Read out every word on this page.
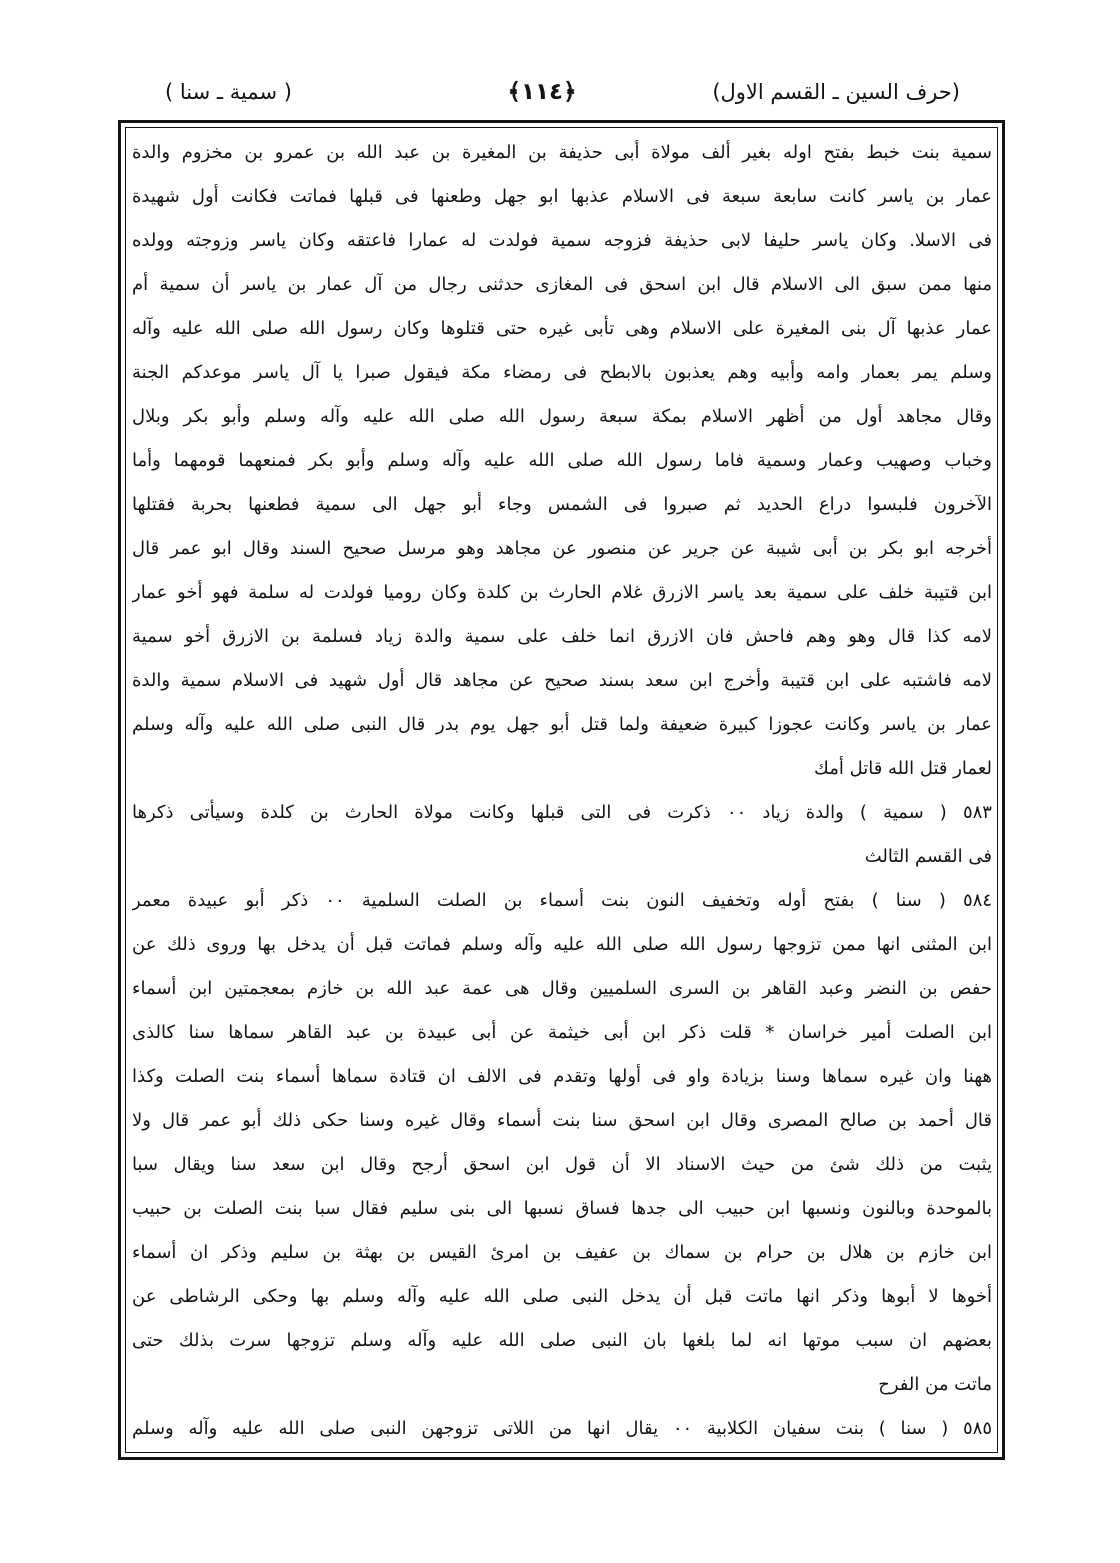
(حرف السين ـ القسم الاول)
﴿١١٤﴾
( سمية ـ سنا )
سمية بنت خبط بفتح اوله بغير ألف مولاة أبى حذيفة بن المغيرة بن عبد الله بن عمرو بن مخزوم والدة
عمار بن ياسر كانت سابعة سبعة فى الاسلام عذبها ابو جهل وطعنها فى قبلها فماتت فكانت أول شهيدة
فى الاسلا. وكان ياسر حليفا لابى حذيفة فزوجه سمية فولدت له عمارا فاعتقه وكان ياسر وزوجته وولده
منها ممن سبق الى الاسلام قال ابن اسحق فى المغازى حدثنى رجال من آل عمار بن ياسر أن سمية أم
عمار عذبها آل بنى المغيرة على الاسلام وهى تأبى غيره حتى قتلوها وكان رسول الله صلى الله عليه وآله
وسلم يمر بعمار وامه وأبيه وهم يعذبون بالابطح فى رمضاء مكة فيقول صبرا يا آل ياسر موعدكم الجنة
وقال مجاهد أول من أظهر الاسلام بمكة سبعة رسول الله صلى الله عليه وآله وسلم وأبو بكر وبلال
وخباب وصهيب وعمار وسمية فاما رسول الله صلى الله عليه وآله وسلم وأبو بكر فمنعهما قومهما وأما
الآخرون فلبسوا دراع الحديد ثم صبروا فى الشمس وجاء أبو جهل الى سمية فطعنها بحربة فقتلها
أخرجه ابو بكر بن أبى شيبة عن جرير عن منصور عن مجاهد وهو مرسل صحيح السند وقال ابو عمر قال
ابن قتيبة خلف على سمية بعد ياسر الازرق غلام الحارث بن كلدة وكان روميا فولدت له سلمة فهو أخو عمار
لامه كذا قال وهو وهم فاحش فان الازرق انما خلف على سمية والدة زياد فسلمة بن الازرق أخو سمية
لامه فاشتبه على ابن قتيبة وأخرج ابن سعد بسند صحيح عن مجاهد قال أول شهيد فى الاسلام سمية والدة
عمار بن ياسر وكانت عجوزا كبيرة ضعيفة ولما قتل أبو جهل يوم بدر قال النبى صلى الله عليه وآله وسلم
لعمار قتل الله قاتل أمك
٥٨٣ ( سمية ) والدة زياد ٠٠ ذكرت فى التى قبلها وكانت مولاة الحارث بن كلدة وسيأتى ذكرها
فى القسم الثالث
٥٨٤ ( سنا ) بفتح أوله وتخفيف النون بنت أسماء بن الصلت السلمية ٠٠ ذكر أبو عبيدة معمر
ابن المثنى انها ممن تزوجها رسول الله صلى الله عليه وآله وسلم فماتت قبل أن يدخل بها وروى ذلك عن
حفص بن النضر وعبد القاهر بن السرى السلميين وقال هى عمة عبد الله بن خازم بمعجمتين ابن أسماء
ابن الصلت أمير خراسان * قلت ذكر ابن أبى خيثمة عن أبى عبيدة بن عبد القاهر سماها سنا كالذى
ههنا وان غيره سماها وسنا بزيادة واو فى أولها وتقدم فى الالف ان قتادة سماها أسماء بنت الصلت وكذا
قال أحمد بن صالح المصرى وقال ابن اسحق سنا بنت أسماء وقال غيره وسنا حكى ذلك أبو عمر قال ولا
يثبت من ذلك شئ من حيث الاسناد الا أن قول ابن اسحق أرجح وقال ابن سعد سنا ويقال سبا
بالموحدة وبالنون ونسبها ابن حبيب الى جدها فساق نسبها الى بنى سليم فقال سبا بنت الصلت بن حبيب
ابن خازم بن هلال بن حرام بن سماك بن عفيف بن امرئ القيس بن بهثة بن سليم وذكر ان أسماء
أخوها لا أبوها وذكر انها ماتت قبل أن يدخل النبى صلى الله عليه وآله وسلم بها وحكى الرشاطى عن
بعضهم ان سبب موتها انه لما بلغها بان النبى صلى الله عليه وآله وسلم تزوجها سرت بذلك حتى
ماتت من الفرح
٥٨٥ ( سنا ) بنت سفيان الكلابية ٠٠ يقال انها من اللاتى تزوجهن النبى صلى الله عليه وآله وسلم
